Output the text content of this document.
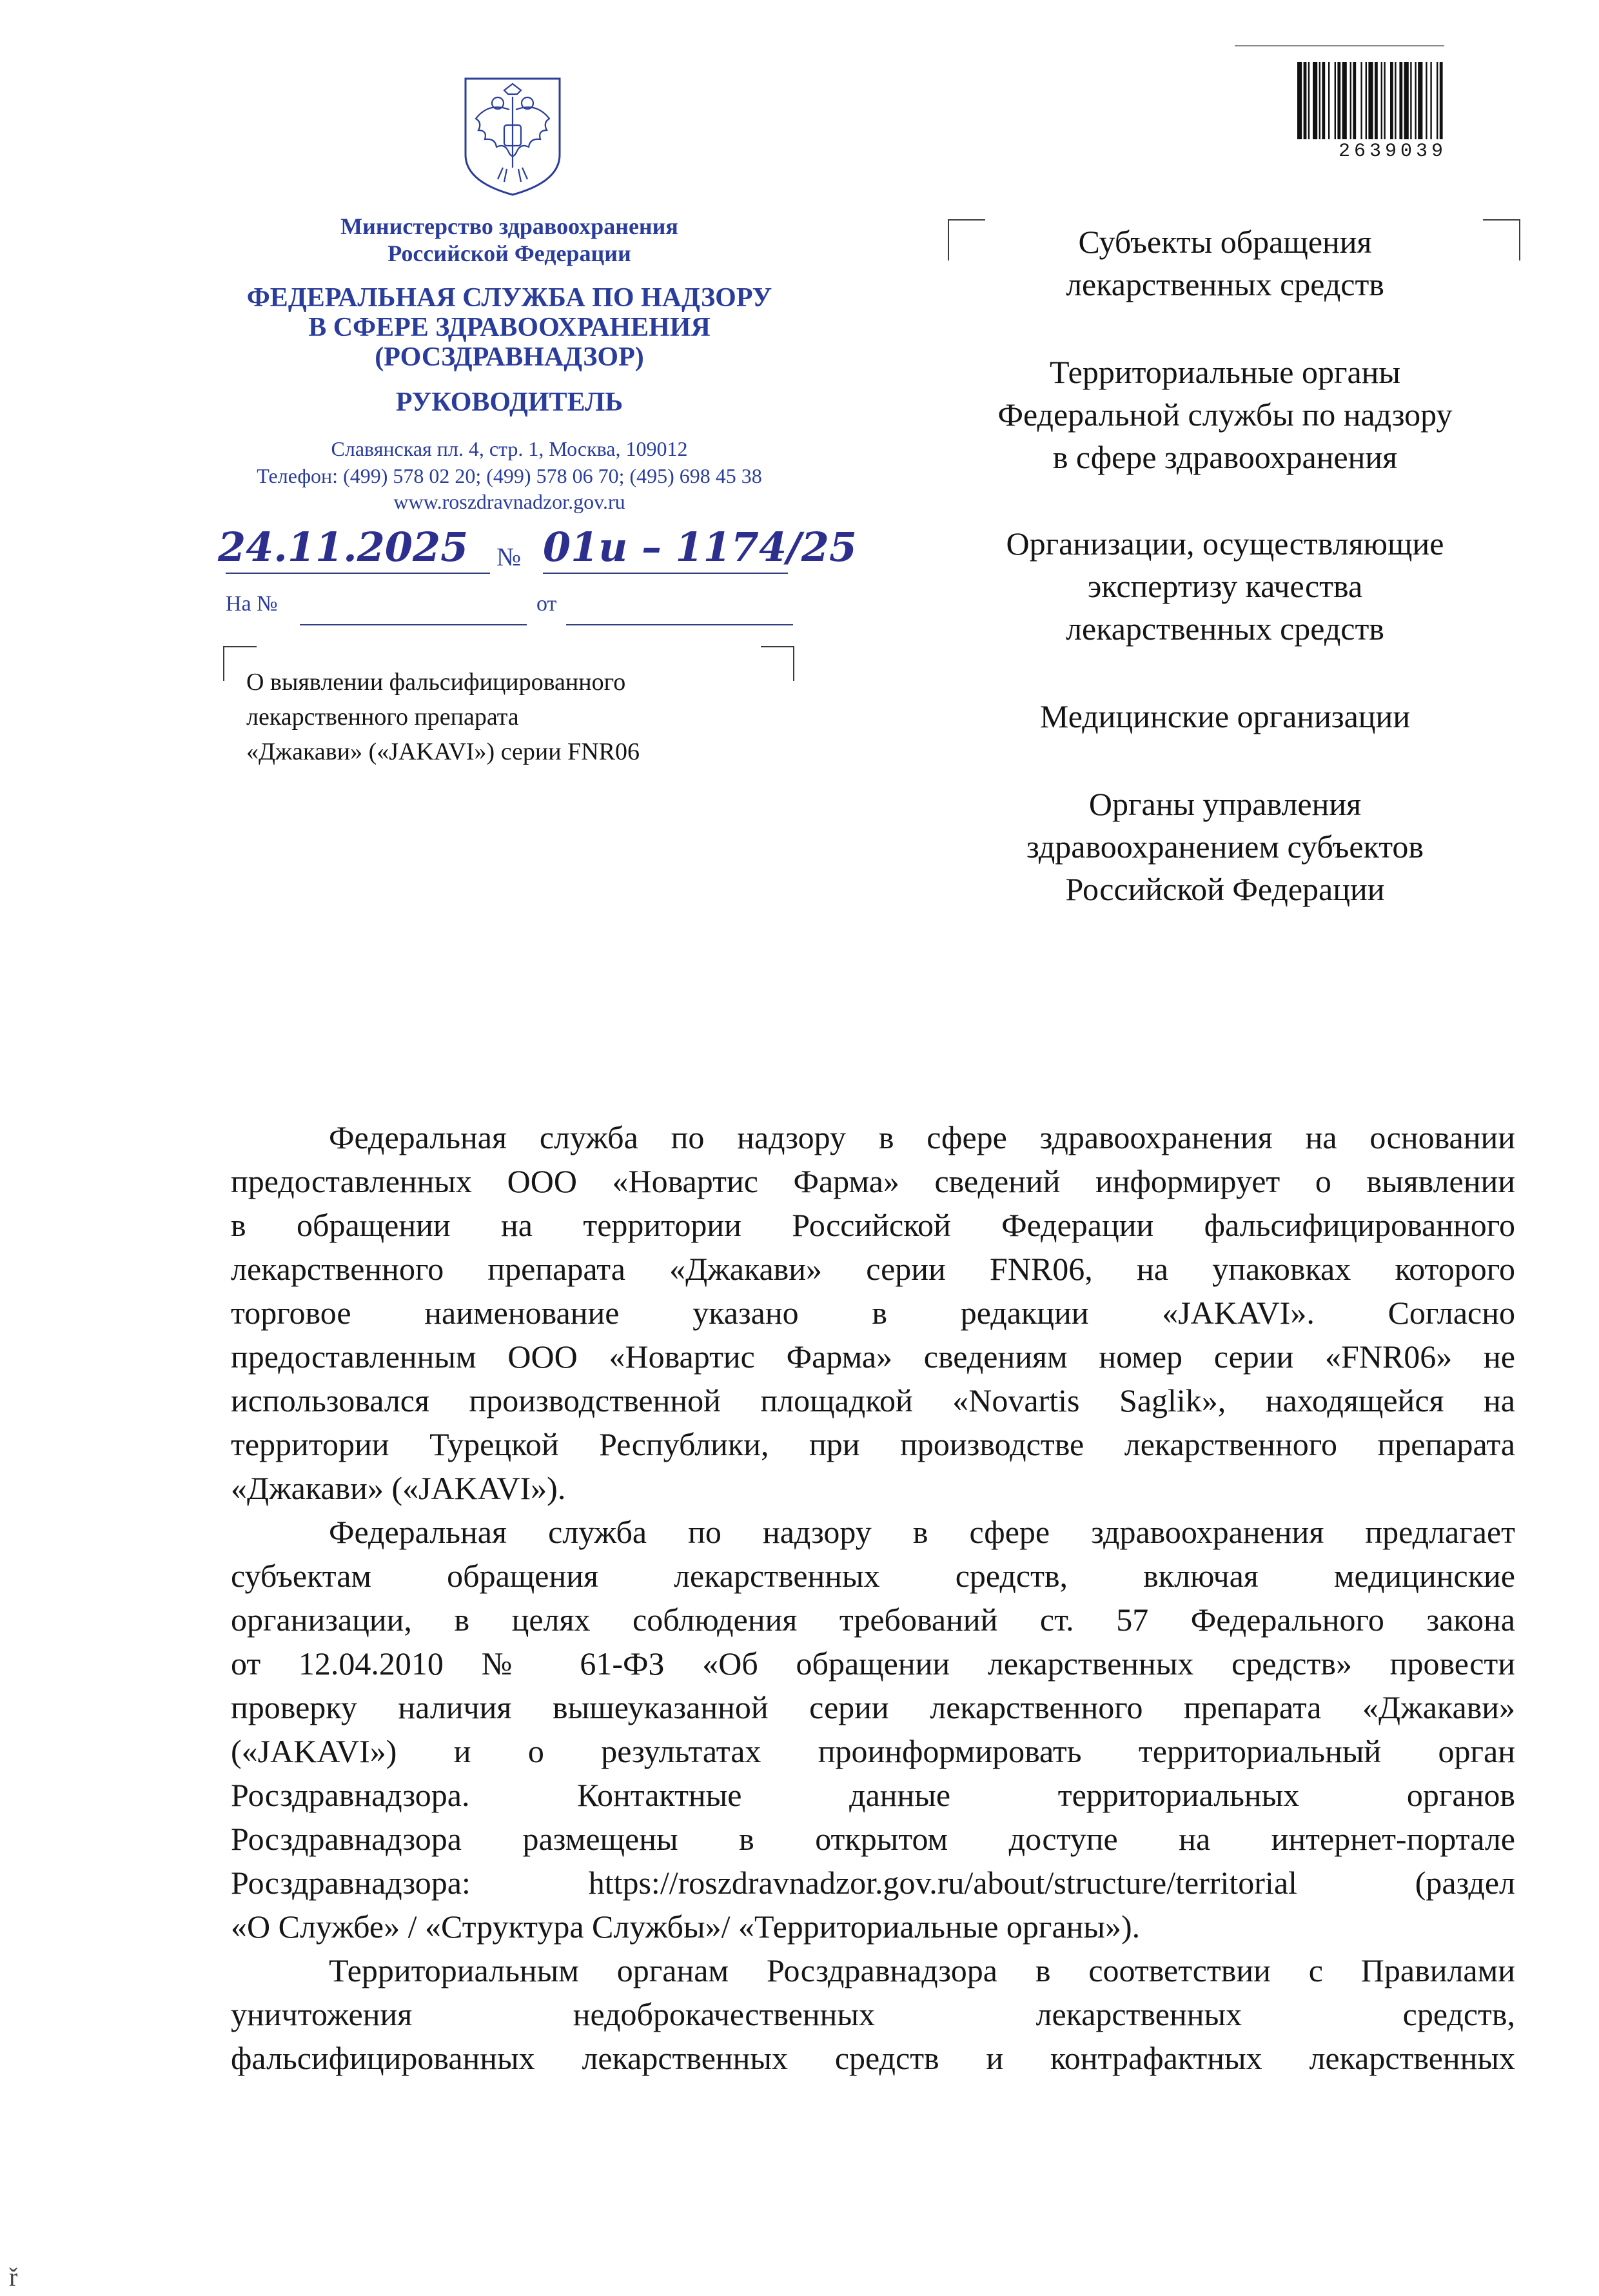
2639039
Министерство здравоохранения
Российской Федерации
ФЕДЕРАЛЬНАЯ СЛУЖБА ПО НАДЗОРУ
В СФЕРЕ ЗДРАВООХРАНЕНИЯ
(РОСЗДРАВНАДЗОР)
РУКОВОДИТЕЛЬ
Славянская пл. 4, стр. 1, Москва, 109012
Телефон: (499) 578 02 20; (499) 578 06 70; (495) 698 45 38
www.roszdravnadzor.gov.ru
24.11.2025 № 01и – 1174/25
На №	от
О выявлении фальсифицированного
лекарственного препарата
«Джакави» («JAKAVI») серии FNR06
Субъекты обращения
лекарственных средств
Территориальные органы
Федеральной службы по надзору
в сфере здравоохранения
Организации, осуществляющие
экспертизу качества
лекарственных средств
Медицинские организации
Органы управления
здравоохранением субъектов
Российской Федерации
Федеральная служба по надзору в сфере здравоохранения на основании
предоставленных ООО «Новартис Фарма» сведений информирует о выявлении
в обращении на территории Российской Федерации фальсифицированного
лекарственного препарата «Джакави» серии FNR06, на упаковках которого
торговое наименование указано в редакции «JAKAVI». Согласно
предоставленным ООО «Новартис Фарма» сведениям номер серии «FNR06» не
использовался производственной площадкой «Novartis Saglik», находящейся на
территории Турецкой Республики, при производстве лекарственного препарата
«Джакави» («JAKAVI»).
Федеральная служба по надзору в сфере здравоохранения предлагает
субъектам обращения лекарственных средств, включая медицинские
организации, в целях соблюдения требований ст. 57 Федерального закона
от 12.04.2010 № 61-ФЗ «Об обращении лекарственных средств» провести
проверку наличия вышеуказанной серии лекарственного препарата «Джакави»
(«JAKAVI») и о результатах проинформировать территориальный орган
Росздравнадзора. Контактные данные территориальных органов
Росздравнадзора размещены в открытом доступе на интернет-портале
Росздравнадзора: https://roszdravnadzor.gov.ru/about/structure/territorial (раздел
«О Службе» / «Структура Службы»/ «Территориальные органы»).
Территориальным органам Росздравнадзора в соответствии с Правилами
уничтожения недоброкачественных лекарственных средств,
фальсифицированных лекарственных средств и контрафактных лекарственных
ř
